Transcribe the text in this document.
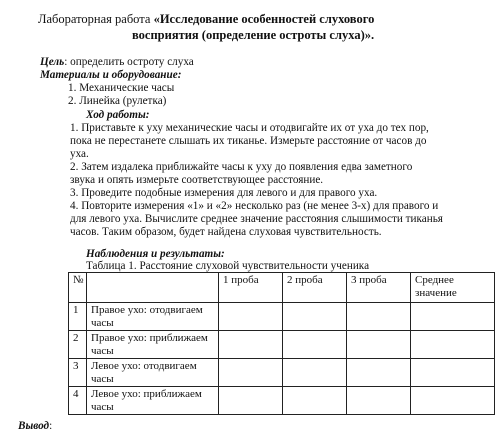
Лабораторная работа «Исследование особенностей слухового
восприятия (определение остроты слуха)».
Цель: определить остроту слуха
Материалы и оборудование:
1. Механические часы
2. Линейка (рулетка)
Ход работы:
1. Приставьте к уху механические часы и отодвигайте их от уха до тех пор,
пока не перестанете слышать их тиканье. Измерьте расстояние от часов до
уха.
2. Затем издалека приближайте часы к уху до появления едва заметного
звука и опять измерьте соответствующее расстояние.
3. Проведите подобные измерения для левого и для правого уха.
4. Повторите измерения «1» и «2» несколько раз (не менее 3-х) для правого и
для левого уха. Вычислите среднее значение расстояния слышимости тиканья
часов. Таким образом, будет найдена слуховая чувствительность.
Наблюдения и результаты:
Таблица 1. Расстояние слуховой чувствительности ученика
№		1 проба	2 проба	3 проба	Среднее значение
1	Правое ухо: отодвигаем часы				
2	Правое ухо: приближаем часы				
3	Левое ухо: отодвигаем часы				
4	Левое ухо: приближаем часы				
Вывод:
